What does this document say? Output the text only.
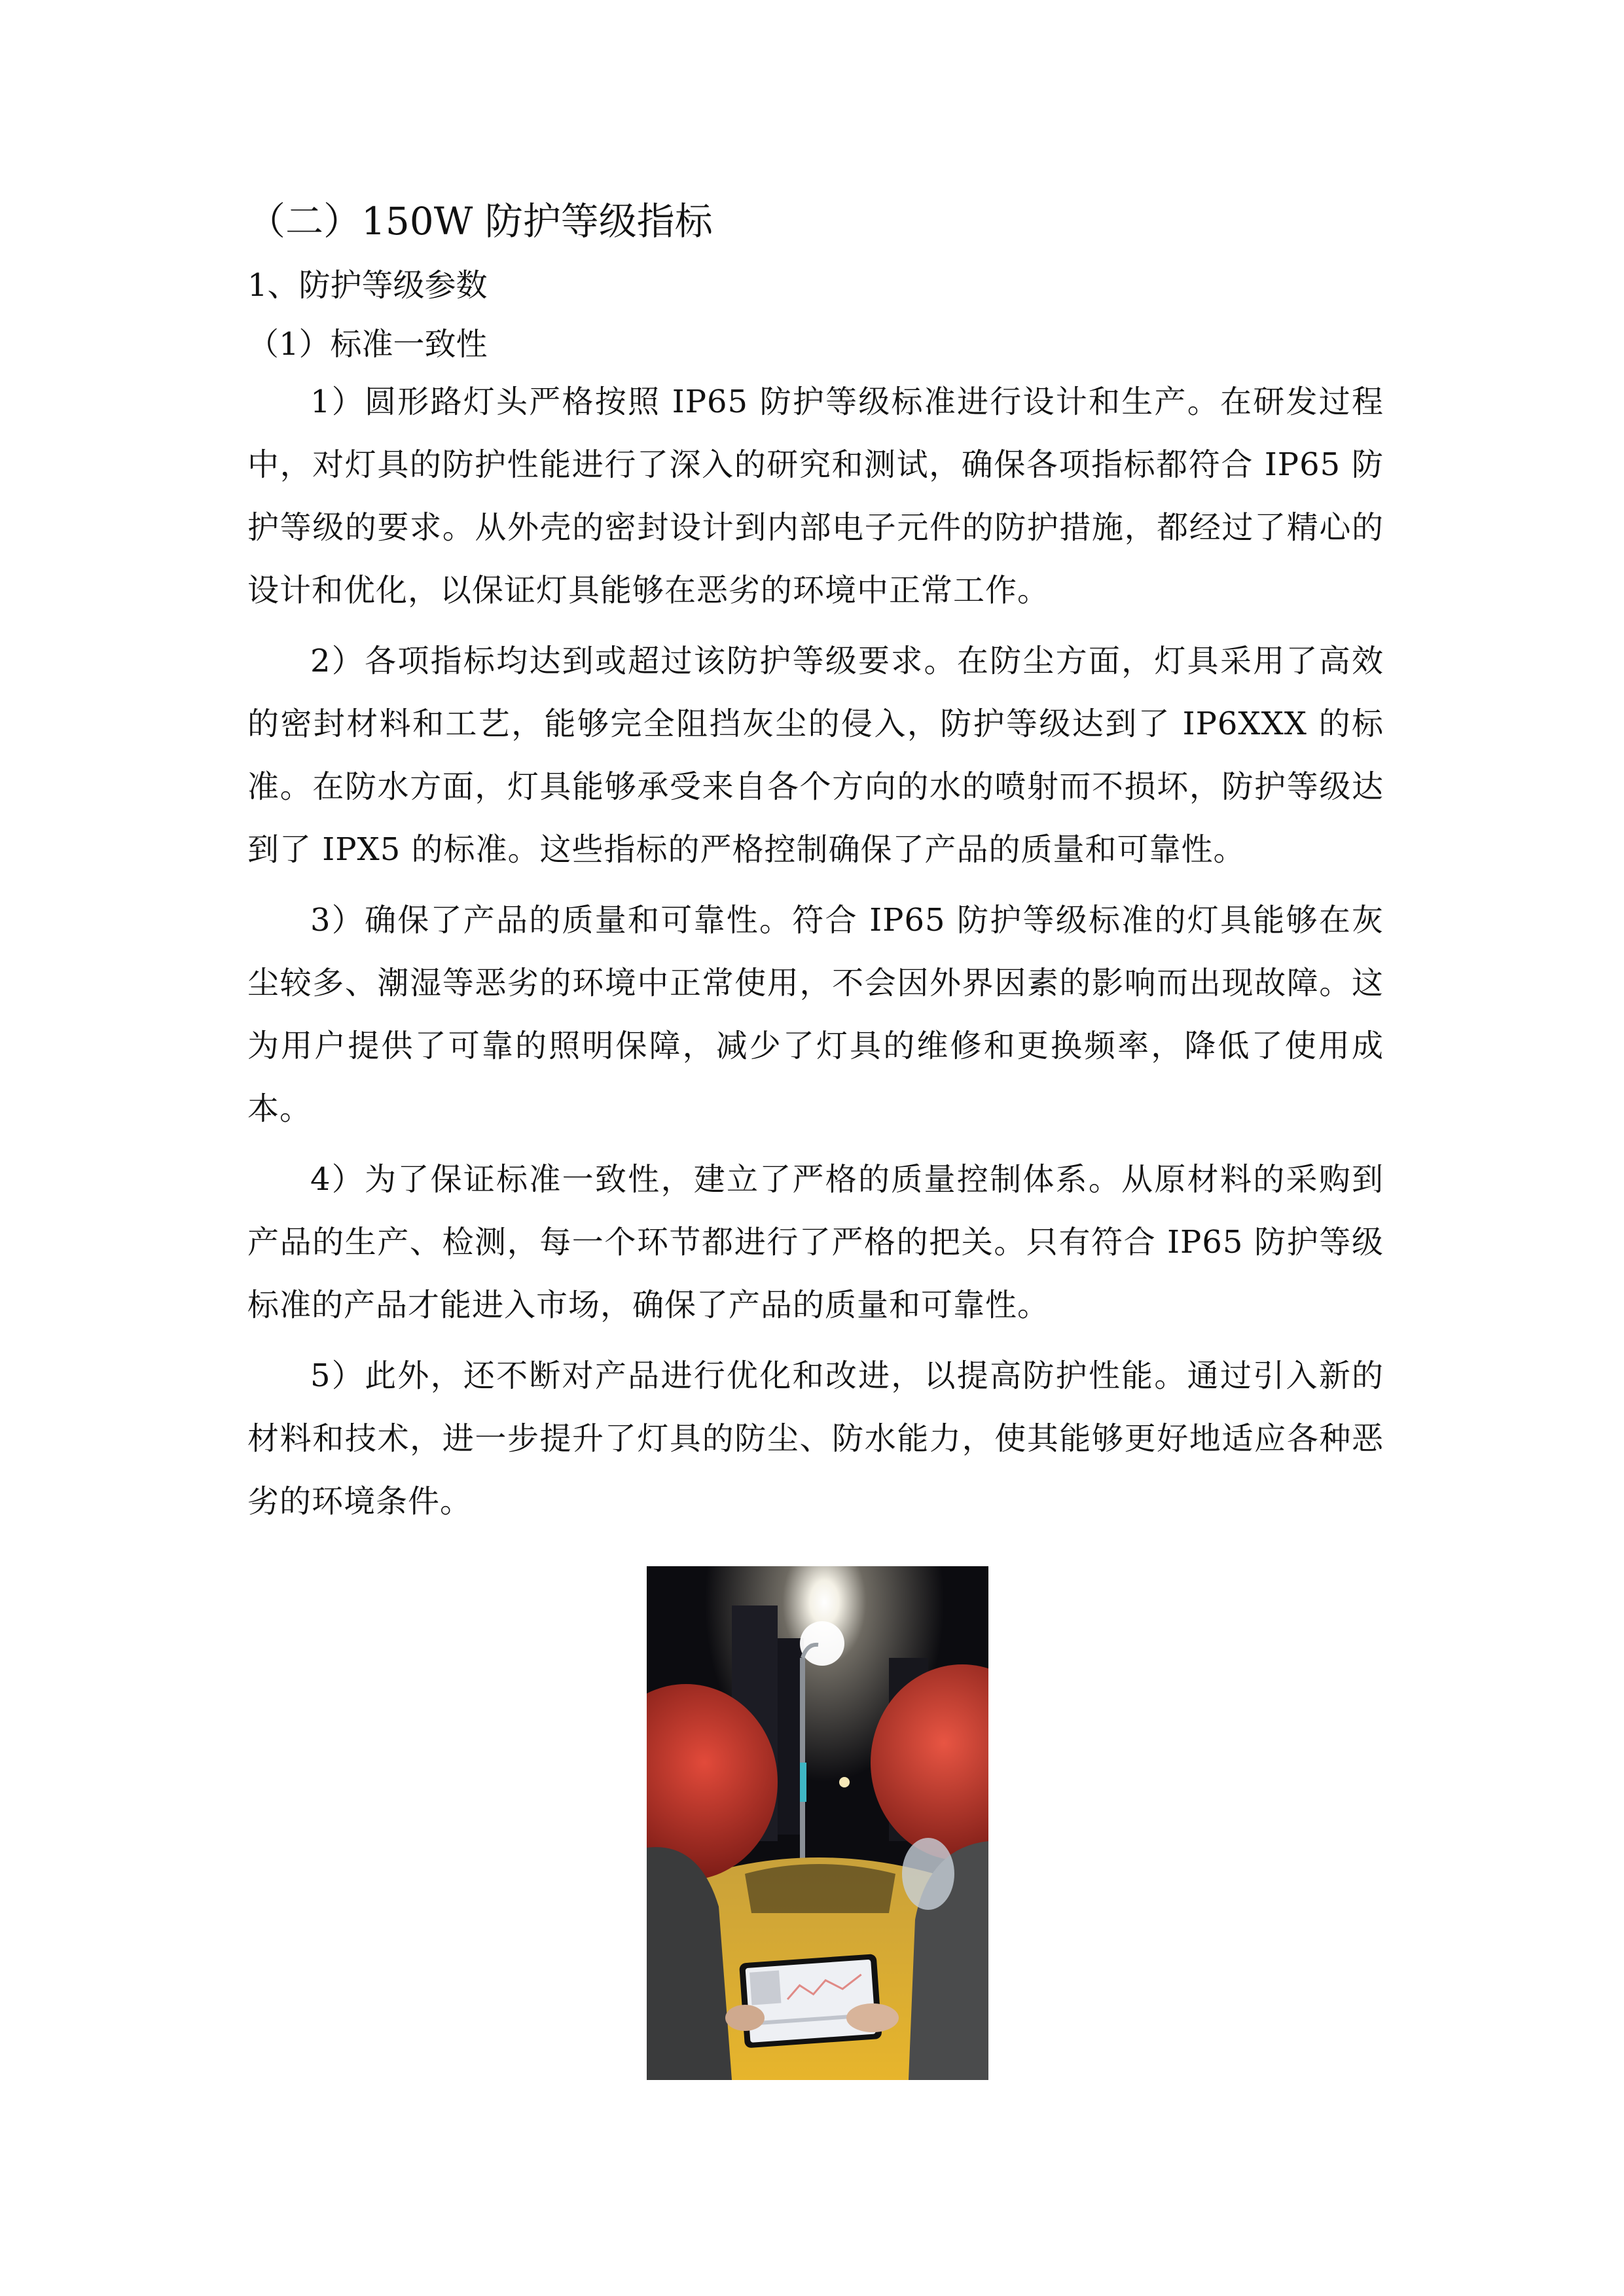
（二）150W 防护等级指标
1、防护等级参数
（1）标准一致性

1）圆形路灯头严格按照 IP65 防护等级标准进行设计和生产。在研发过程中，对灯具的防护性能进行了深入的研究和测试，确保各项指标都符合 IP65 防护等级的要求。从外壳的密封设计到内部电子元件的防护措施，都经过了精心的设计和优化，以保证灯具能够在恶劣的环境中正常工作。

2）各项指标均达到或超过该防护等级要求。在防尘方面，灯具采用了高效的密封材料和工艺，能够完全阻挡灰尘的侵入，防护等级达到了 IP6XXX 的标准。在防水方面，灯具能够承受来自各个方向的水的喷射而不损坏，防护等级达到了 IPX5 的标准。这些指标的严格控制确保了产品的质量和可靠性。

3）确保了产品的质量和可靠性。符合 IP65 防护等级标准的灯具能够在灰尘较多、潮湿等恶劣的环境中正常使用，不会因外界因素的影响而出现故障。这为用户提供了可靠的照明保障，减少了灯具的维修和更换频率，降低了使用成本。

4）为了保证标准一致性，建立了严格的质量控制体系。从原材料的采购到产品的生产、检测，每一个环节都进行了严格的把关。只有符合 IP65 防护等级标准的产品才能进入市场，确保了产品的质量和可靠性。

5）此外，还不断对产品进行优化和改进，以提高防护性能。通过引入新的材料和技术，进一步提升了灯具的防尘、防水能力，使其能够更好地适应各种恶劣的环境条件。
